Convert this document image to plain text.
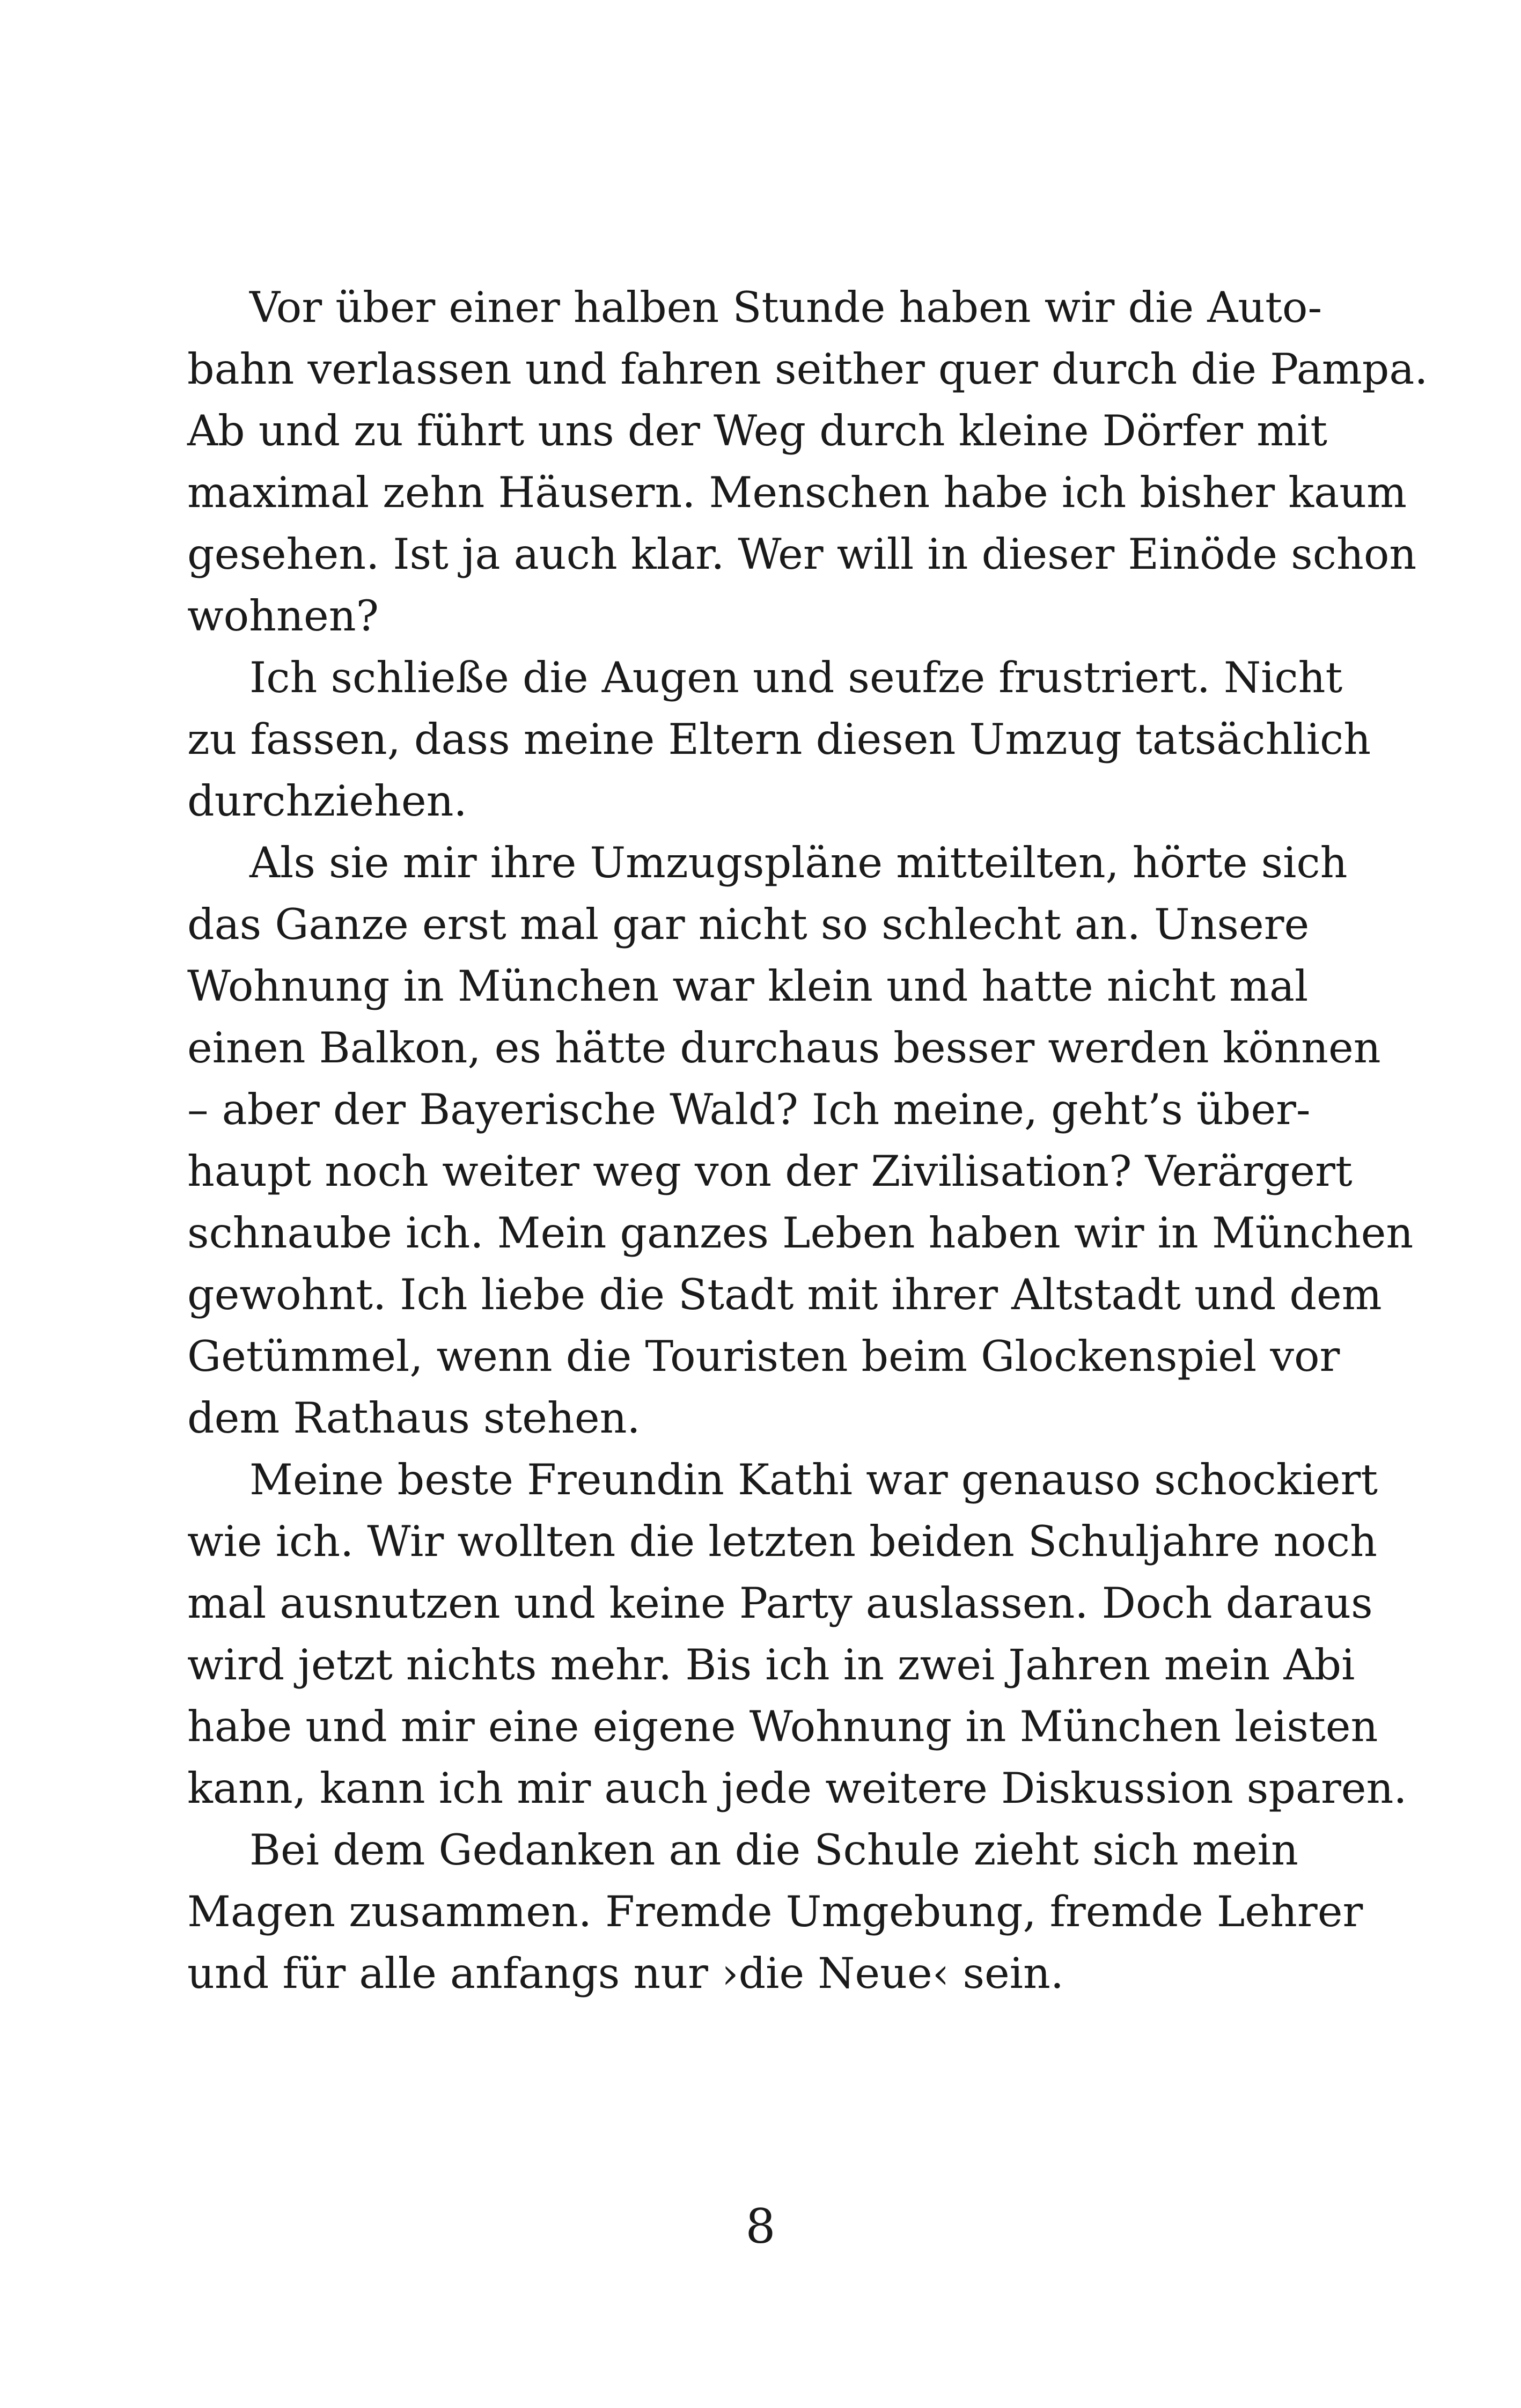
Vor über einer halben Stunde haben wir die Auto-
bahn verlassen und fahren seither quer durch die Pampa.
Ab und zu führt uns der Weg durch kleine Dörfer mit
maximal zehn Häusern. Menschen habe ich bisher kaum
gesehen. Ist ja auch klar. Wer will in dieser Einöde schon
wohnen?
Ich schließe die Augen und seufze frustriert. Nicht
zu fassen, dass meine Eltern diesen Umzug tatsächlich
durchziehen.
Als sie mir ihre Umzugspläne mitteilten, hörte sich
das Ganze erst mal gar nicht so schlecht an. Unsere
Wohnung in München war klein und hatte nicht mal
einen Balkon, es hätte durchaus besser werden können
– aber der Bayerische Wald? Ich meine, geht’s über-
haupt noch weiter weg von der Zivilisation? Verärgert
schnaube ich. Mein ganzes Leben haben wir in München
gewohnt. Ich liebe die Stadt mit ihrer Altstadt und dem
Getümmel, wenn die Touristen beim Glockenspiel vor
dem Rathaus stehen.
Meine beste Freundin Kathi war genauso schockiert
wie ich. Wir wollten die letzten beiden Schuljahre noch
mal ausnutzen und keine Party auslassen. Doch daraus
wird jetzt nichts mehr. Bis ich in zwei Jahren mein Abi
habe und mir eine eigene Wohnung in München leisten
kann, kann ich mir auch jede weitere Diskussion sparen.
Bei dem Gedanken an die Schule zieht sich mein
Magen zusammen. Fremde Umgebung, fremde Lehrer
und für alle anfangs nur ›die Neue‹ sein.
8
